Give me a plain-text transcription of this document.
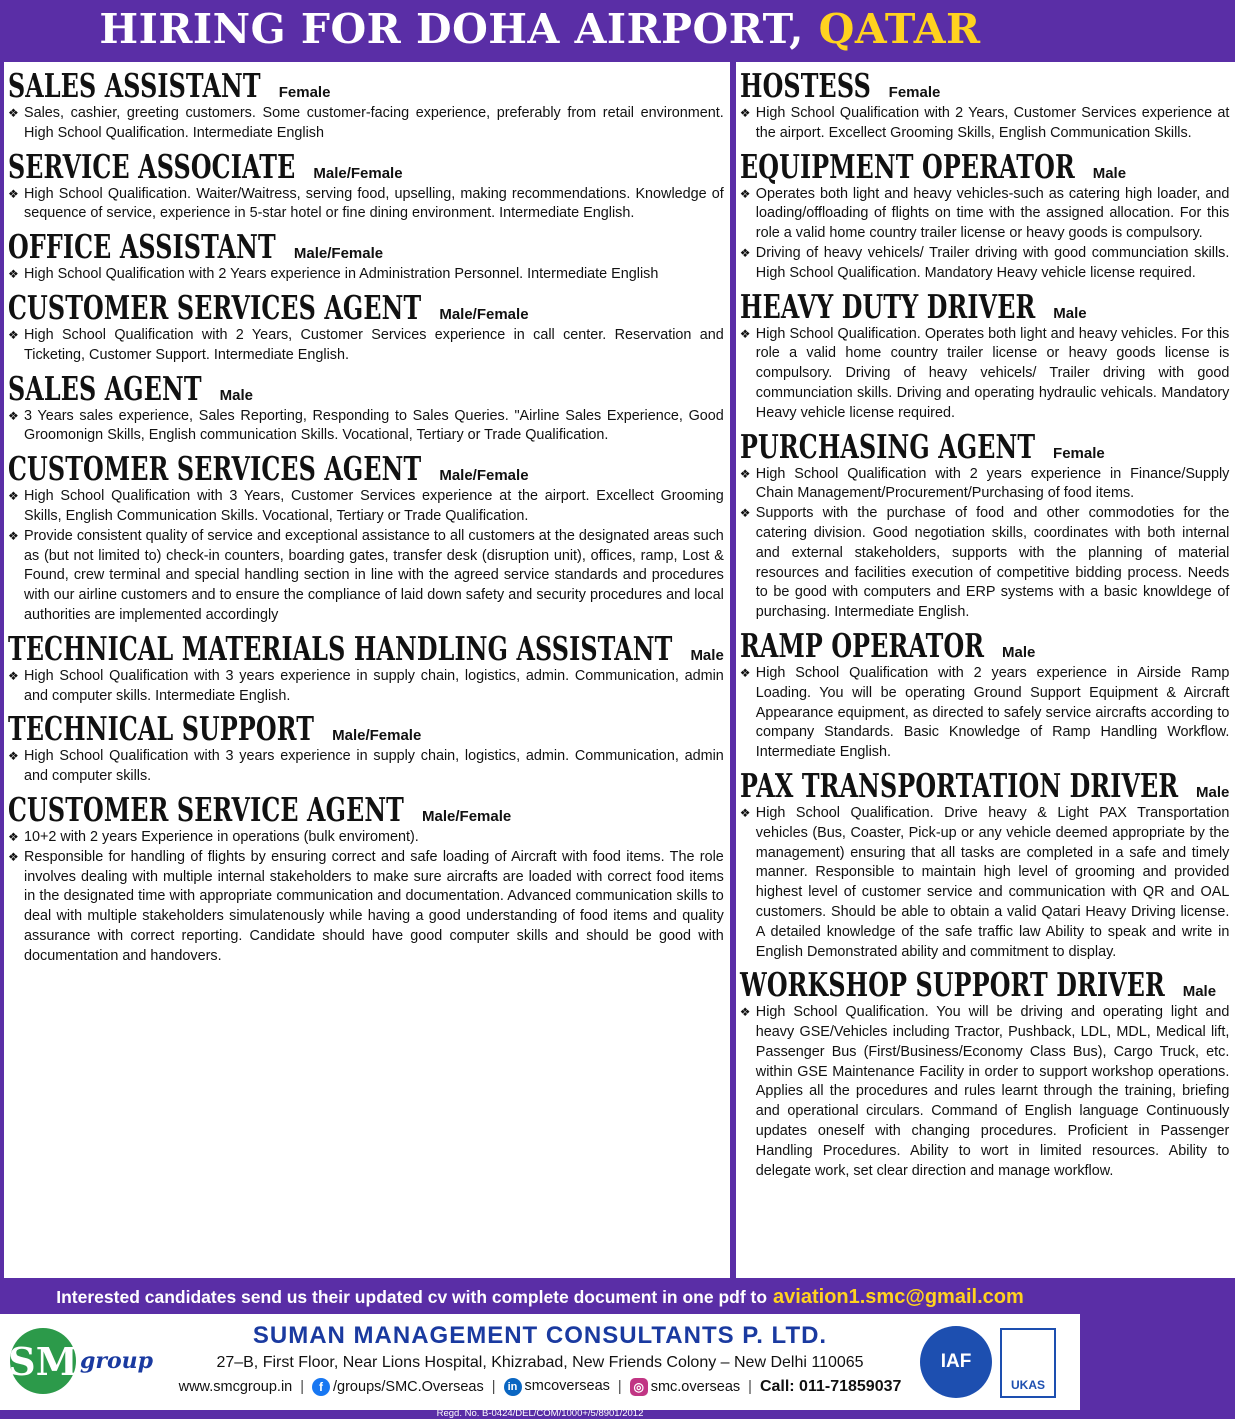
HIRING FOR DOHA AIRPORT, QATAR
SALES ASSISTANT Female
❖ Sales, cashier, greeting customers. Some customer-facing experience, preferably from retail environment. High School Qualification. Intermediate English
SERVICE ASSOCIATE Male/Female
❖ High School Qualification. Waiter/Waitress, serving food, upselling, making recommendations. Knowledge of sequence of service, experience in 5-star hotel or fine dining environment. Intermediate English.
OFFICE ASSISTANT Male/Female
❖ High School Qualification with 2 Years experience in Administration Personnel. Intermediate English
CUSTOMER SERVICES AGENT Male/Female
❖ High School Qualification with 2 Years, Customer Services experience in call center. Reservation and Ticketing, Customer Support. Intermediate English.
SALES AGENT Male
❖ 3 Years sales experience, Sales Reporting, Responding to Sales Queries. "Airline Sales Experience, Good Groomonign Skills, English communication Skills. Vocational, Tertiary or Trade Qualification.
CUSTOMER SERVICES AGENT Male/Female
❖ High School Qualification with 3 Years, Customer Services experience at the airport. Excellect Grooming Skills, English Communication Skills. Vocational, Tertiary or Trade Qualification.
❖ Provide consistent quality of service and exceptional assistance to all customers at the designated areas such as (but not limited to) check-in counters, boarding gates, transfer desk (disruption unit), offices, ramp, Lost & Found, crew terminal and special handling section in line with the agreed service standards and procedures with our airline customers and to ensure the compliance of laid down safety and security procedures and local authorities are implemented accordingly
TECHNICAL MATERIALS HANDLING ASSISTANT Male
❖ High School Qualification with 3 years experience in supply chain, logistics, admin. Communication, admin and computer skills. Intermediate English.
TECHNICAL SUPPORT Male/Female
❖ High School Qualification with 3 years experience in supply chain, logistics, admin. Communication, admin and computer skills.
CUSTOMER SERVICE AGENT Male/Female
❖ 10+2 with 2 years Experience in operations (bulk enviroment).
❖ Responsible for handling of flights by ensuring correct and safe loading of Aircraft with food items. The role involves dealing with multiple internal stakeholders to make sure aircrafts are loaded with correct food items in the designated time with appropriate communication and documentation. Advanced communication skills to deal with multiple stakeholders simulatenously while having a good understanding of food items and quality assurance with correct reporting. Candidate should have good computer skills and should be good with documentation and handovers.
HOSTESS Female
❖ High School Qualification with 2 Years, Customer Services experience at the airport. Excellect Grooming Skills, English Communication Skills.
EQUIPMENT OPERATOR Male
❖ Operates both light and heavy vehicles-such as catering high loader, and loading/offloading of flights on time with the assigned allocation. For this role a valid home country trailer license or heavy goods is compulsory.
❖ Driving of heavy vehicels/ Trailer driving with good communciation skills. High School Qualification. Mandatory Heavy vehicle license required.
HEAVY DUTY DRIVER Male
❖ High School Qualification. Operates both light and heavy vehicles. For this role a valid home country trailer license or heavy goods license is compulsory. Driving of heavy vehicels/ Trailer driving with good communciation skills. Driving and operating hydraulic vehicals. Mandatory Heavy vehicle license required.
PURCHASING AGENT Female
❖ High School Qualification with 2 years experience in Finance/Supply Chain Management/Procurement/Purchasing of food items.
❖ Supports with the purchase of food and other commodoties for the catering division. Good negotiation skills, coordinates with both internal and external stakeholders, supports with the planning of material resources and facilities execution of competitive bidding process. Needs to be good with computers and ERP systems with a basic knowldege of purchasing. Intermediate English.
RAMP OPERATOR Male
❖ High School Qualification with 2 years experience in Airside Ramp Loading. You will be operating Ground Support Equipment & Aircraft Appearance equipment, as directed to safely service aircrafts according to company Standards. Basic Knowledge of Ramp Handling Workflow. Intermediate English.
PAX TRANSPORTATION DRIVER Male
❖ High School Qualification. Drive heavy & Light PAX Transportation vehicles (Bus, Coaster, Pick-up or any vehicle deemed appropriate by the management) ensuring that all tasks are completed in a safe and timely manner. Responsible to maintain high level of grooming and provided highest level of customer service and communication with QR and OAL customers. Should be able to obtain a valid Qatari Heavy Driving license. A detailed knowledge of the safe traffic law Ability to speak and write in English Demonstrated ability and commitment to display.
WORKSHOP SUPPORT DRIVER Male
❖ High School Qualification. You will be driving and operating light and heavy GSE/Vehicles including Tractor, Pushback, LDL, MDL, Medical lift, Passenger Bus (First/Business/Economy Class Bus), Cargo Truck, etc. within GSE Maintenance Facility in order to support workshop operations. Applies all the procedures and rules learnt through the training, briefing and operational circulars. Command of English language Continuously updates oneself with changing procedures. Proficient in Passenger Handling Procedures. Ability to wort in limited resources. Ability to delegate work, set clear direction and manage workflow.
Interested candidates send us their updated cv with complete document in one pdf to aviation1.smc@gmail.com
SM group
SUMAN MANAGEMENT CONSULTANTS P. LTD.
27–B, First Floor, Near Lions Hospital, Khizrabad, New Friends Colony – New Delhi 110065
www.smcgroup.in |	f /groups/SMC.Overseas |	in smcoverseas | ◎ smc.overseas | Call: 011-71859037
IAF
UKAS
Regd. No. B-0424/DEL/COM/1000+/5/8901/2012
